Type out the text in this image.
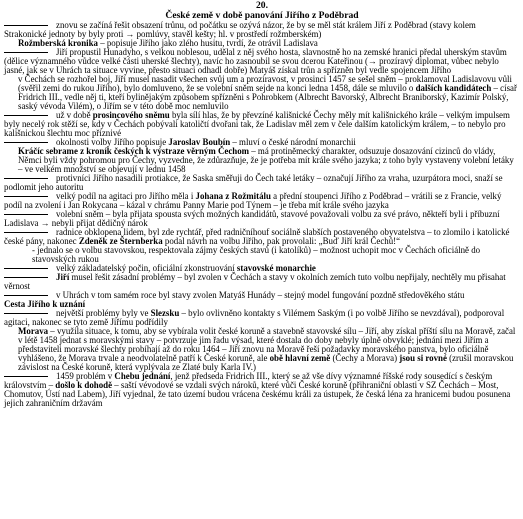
20.
České země v době panování Jiřího z Poděbrad
znovu se začíná řešit obsazení trůnu, od počátku se ozývá názor, že by se měl stát králem Jiří z Poděbrad (stavy kolem Strakonické jednoty by byly proti → pomlúvy, stavěl kešty; hl. v prostředí rožmberském)
Rožmberská kronika – popisuje Jiřího jako zlého husitu, tvrdí, že otrávil Ladislava
Jiří propustil Hunadyho, s velkou noblesou, udělal z něj svého hosta, slavnostně ho na zemské hranici předal uherským stavům (dělice významného vůdce velké části uherské šlechty), navíc ho zasnoubil se svou dcerou Kateřinou (→ prozíravý diplomat, vůbec nebylo jasné, jak se v Uhrách ta situace vyvine, přesto situaci odhadl dobře) Matyáš získal trůn a spřízněn byl vedle spojencem Jiřího
v Čechách se rozhořel boj, Jiří musel nasadit všechen svůj um a prozíravost, v prosinci 1457 se sešel sněm – proklamoval Ladislavovu vůli (svěřil zemi do rukou Jiřího), bylo domluveno, že se volební sněm sejde na konci ledna 1458, dále se mluvilo o dalších kandidátech – císař Fridrich III., vedle něj ti, kteří bylinějakým způsobem spřízněni s Pohrobkem (Albrecht Bavorský, Albrecht Braniborský, Kazimír Polský, saský vévoda Vilém), o Jiřím se v této době moc nemluvilo
už v době prosincového sněmu byla sílí hlas, že by převzíné kališnické Čechy měly mít kališnického krále – velkým impulsem byly necelý rok stěží se, kdy v Čechách pobývali katoličtí dvořani tak, že Ladislav měl zem v čele dalším katolickým králem, – to nebylo pro kališnickou šlechtu moc příznivé
okolnosti volby Jiřího popisuje Jaroslav Boubín – mluví o české národní monarchii
Kráčíc sebrame z kroník českých k výstraze věrným Čechom – má protiněmecký charakter, odsuzuje dosazování cizinců do vlády, Němci byli vždy pohromou pro Čechy, vyzvedne, že zdůrazňuje, že je potřeba mít krále svého jazyka; z toho byly vystaveny volební letáky – ve velkém množství se objevují v lednu 1458
protivníci Jiřího nasadili protiakce, že Saska směřuji do Čech také letáky – označují Jiřího za vraha, uzurpátora moci, snaží se podlomit jeho autoritu
velký podíl na agitaci pro Jiřího měla i Johana z Rožmitálu a přední stoupenci Jiřího z Poděbrad – vrátili se z Francie, velký podíl na zvolení i Jan Rokycana – kázal v chrámu Panny Marie pod Týnem – je třeba mít krále svého jazyka
volební sněm – byla přijata spousta svých možných kandidátů, stavové považovali volbu za své právo, někteří byli i příbuzní Ladislava → nebyli přijat dědičný nárok
radnice obklopena lidem, byl zde rychtář, před radničníhouf sociálně slabších postaveného obyvatelstva – to zlomilo i katolické české pány, nakonec Zdeněk ze Šternberka podal návrh na volbu Jiřího, pak provolali: „Buď Jiří král Čechů!“
- jednalo se o volbu stavovskou, respektovala zájmy českých stavů (i katolíků) – možnost uchopit moc v Čechách oficiálně do stavovských rukou
velký základatelský počin, oficiální zkonstruování stavovské monarchie
Jiří musel řešit zásadní problémy – byl zvolen v Čechách a stavy v okolních zemích tuto volbu nepřijaly, nechtěly mu přisahat věrnost
v Uhrách v tom samém roce byl stavy zvolen Matyáš Hunády – stejný model fungování pozdně středověkého státu
Cesta Jiřího k uznání
největší problémy byly ve Slezsku – bylo ovlivněno kontakty s Vilémem Saským (i po volbě Jiřího se nevzdával), podporoval agitaci, nakonec se tyto země Jiřímu podřídily
Morava – využila situace, k tomu, aby se vybírala volit české koruně a stavebně stavovské sílu – Jiří, aby získal příští sílu na Moravě, začal v létě 1458 jednat s moravskými stavy – potvrzuje jim řadu výsad, které dostala do doby nebyly úplně obvyklé; jednání mezi Jiřím a představiteli moravské šlechty probíhají až do roku 1464 – Jiří znovu na Moravě řeší požadavky moravského panstva, bylo oficiálně vyhlášeno, že Morava trvale a neodvolatelně patří k České koruně, ale obě hlavní země (Čechy a Morava) jsou si rovné (zrušil moravskou závislost na České koruně, která vyplývala ze Zlaté buly Karla IV.)
1459 problém v Chebu jednání, jenž předseda Fridrich III., který se až vše dívy významné říšské rody sousedící s českým královstvím – došlo k dohodě – saští vévodové se vzdali svých nároků, které vůči České koruně (přihraniční oblasti v SZ Čechách – Most, Chomutov, Ústí nad Labem), Jiří vyjednal, že tato území budou vrácena českému králi za ústupek, že česká léna za hranicemi budou posunena jejich zahraničním državám
